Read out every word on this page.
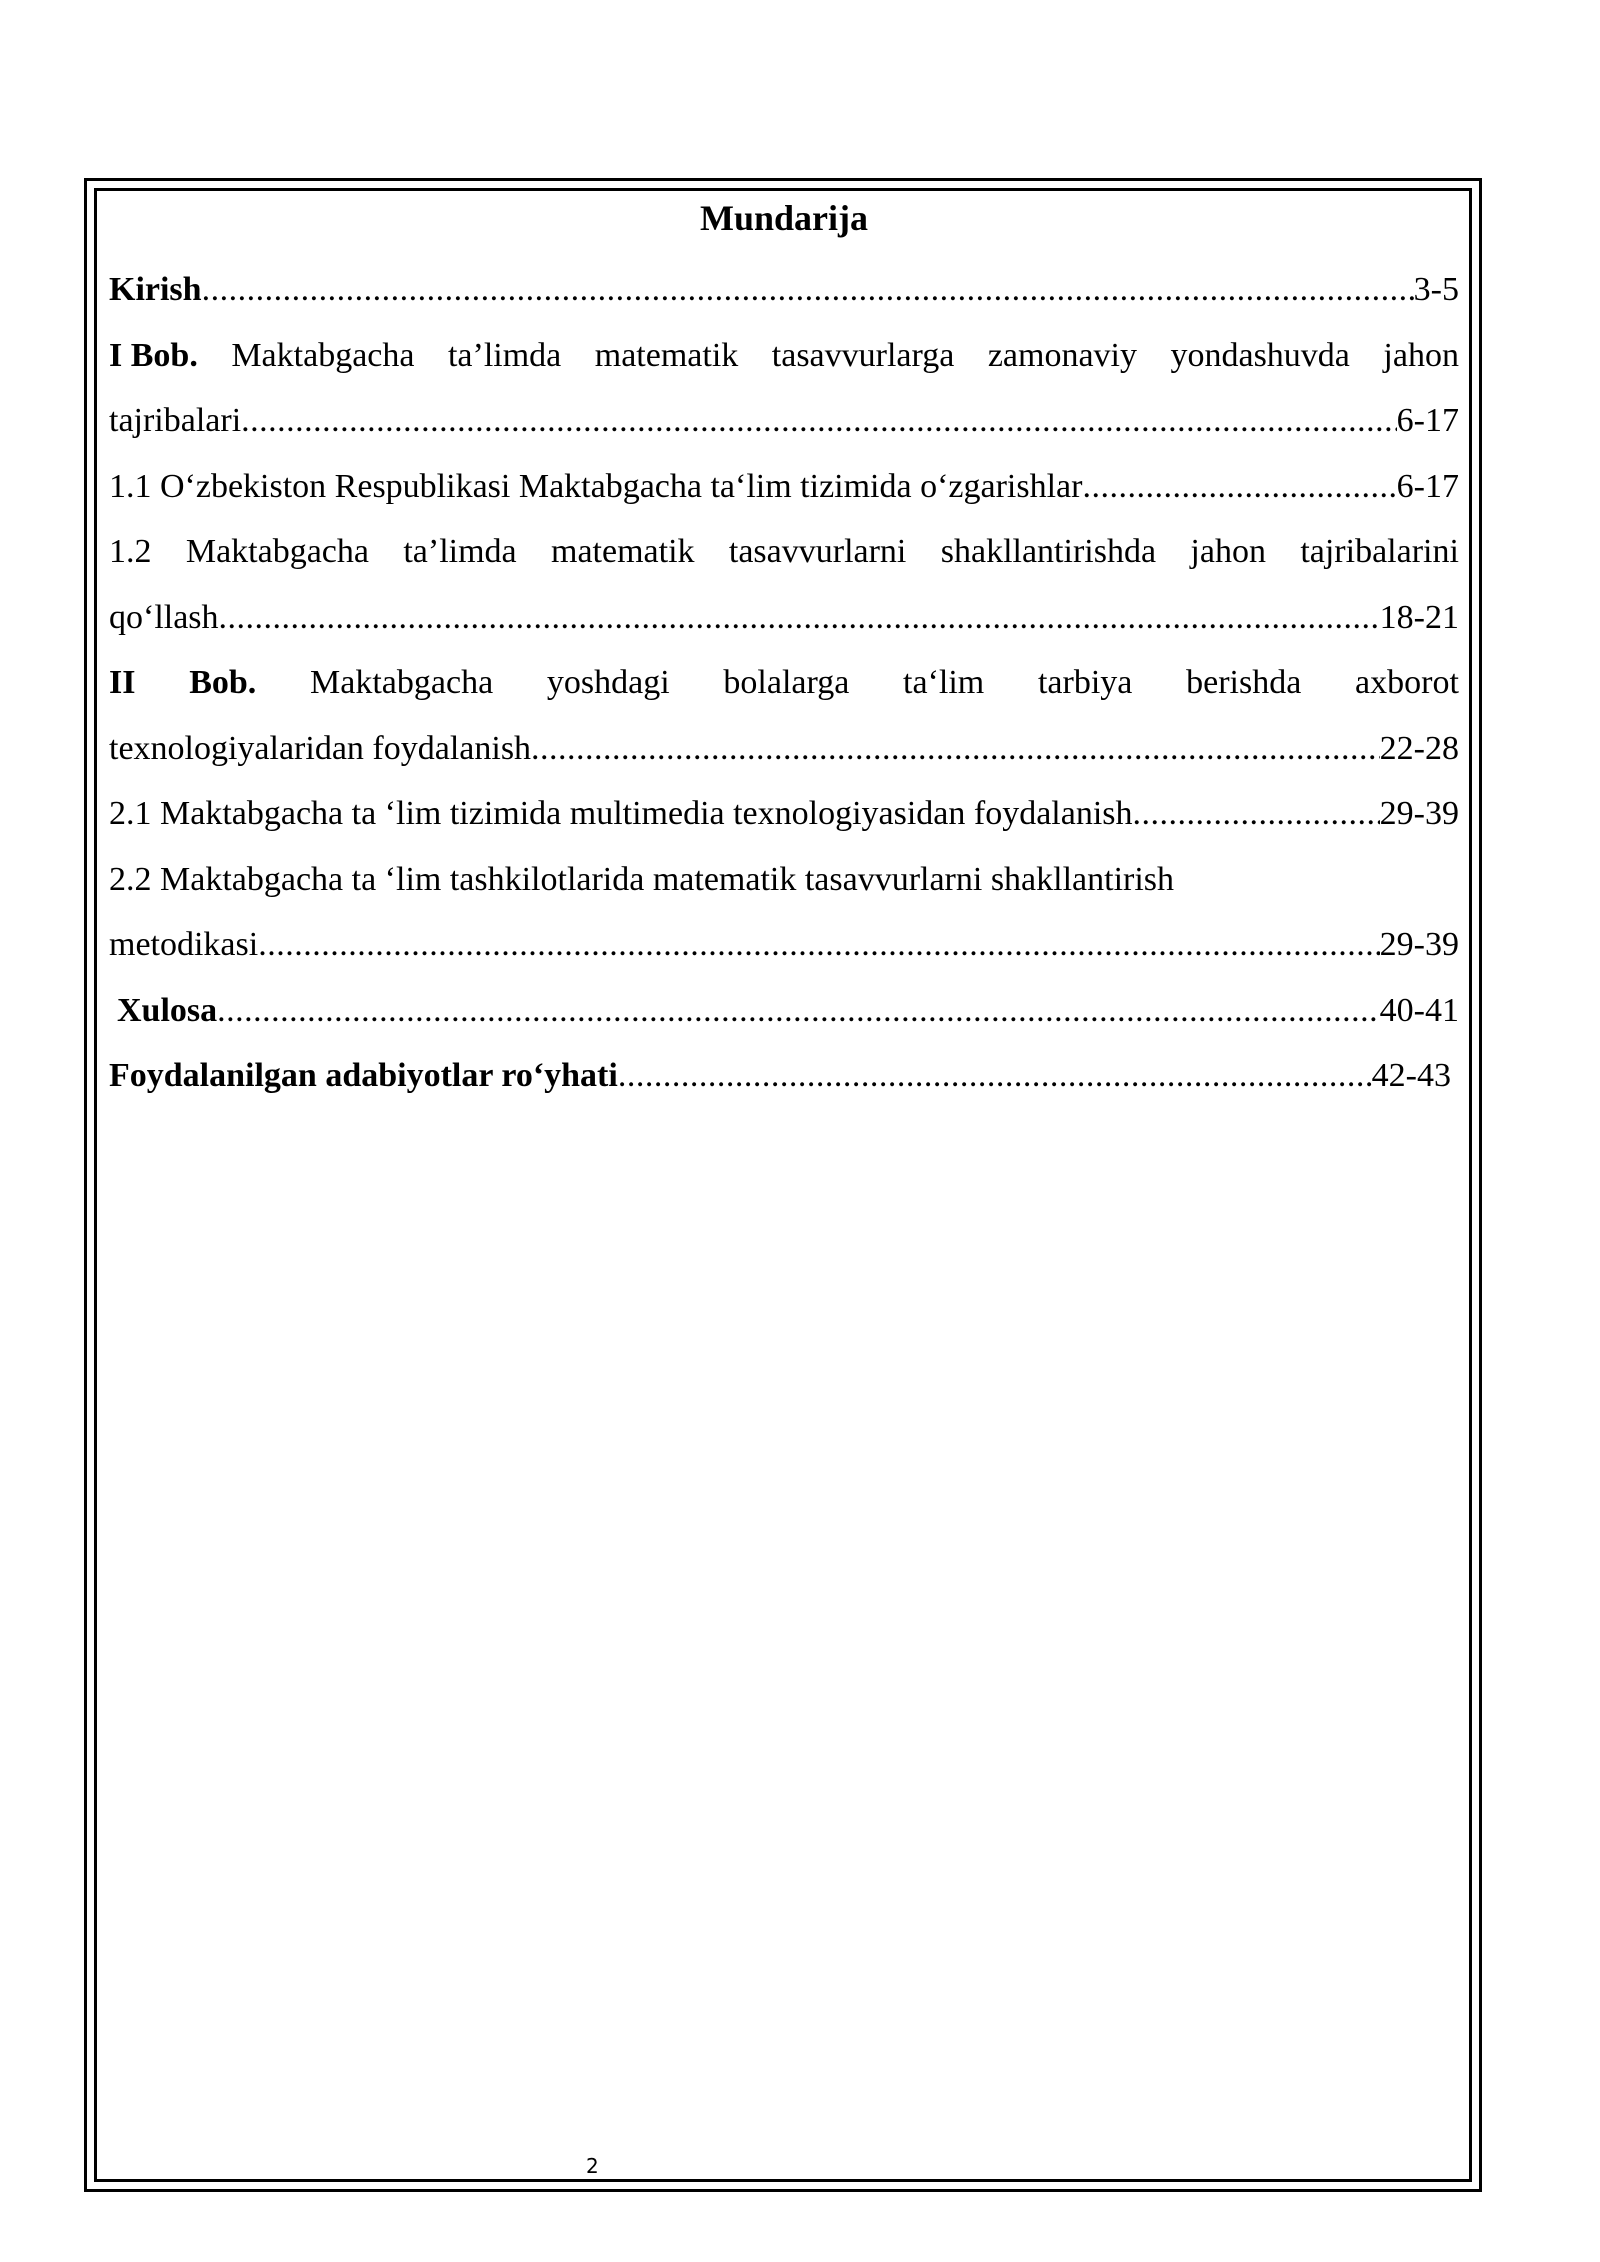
Mundarija
Kirish .....	3-5
I Bob. Maktabgacha ta’limda matematik tasavvurlarga zamonaviy yondashuvda jahon
tajribalari .....	6-17
1.1 O‘zbekiston Respublikasi Maktabgacha ta‘lim tizimida o‘zgarishlar .....	6-17
1.2 Maktabgacha ta’limda matematik tasavvurlarni shakllantirishda jahon tajribalarini
qo‘llash .....	18-21
II Bob. Maktabgacha yoshdagi bolalarga ta‘lim tarbiya berishda axborot
texnologiyalaridan foydalanish .....	22-28
2.1 Maktabgacha ta ‘lim tizimida multimedia texnologiyasidan foydalanish .....	29-39
2.2 Maktabgacha ta ‘lim tashkilotlarida matematik tasavvurlarni shakllantirish
metodikasi .....	29-39
Xulosa .....	40-41
Foydalanilgan adabiyotlar ro‘yhati .....	42-43
2
